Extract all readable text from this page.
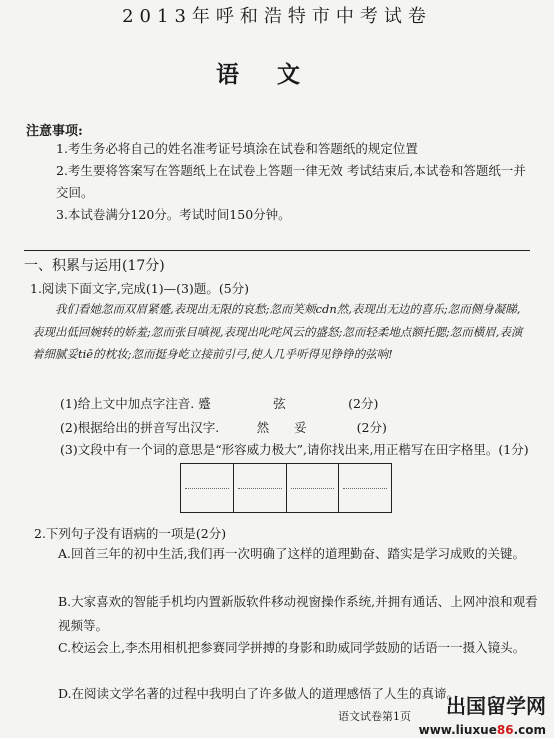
2013年呼和浩特市中考试卷
语文
注意事项:
1.考生务必将自己的姓名准考证号填涂在试卷和答题纸的规定位置
2.考生要将答案写在答题纸上在试卷上答题一律无效 考试结束后,本试卷和答题纸一并交回。
3.本试卷满分120分。考试时间150分钟。
一、积累与运用(17分)
1.阅读下面文字,完成(1)—(3)题。(5分)
我们看她忽而双眉紧蹙,表现出无限的哀愁;忽而笑颊cdn然,表现出无边的喜乐;忽而侧身凝睇,表现出低回婉转的娇羞;忽而张目嗔视,表现出叱咤风云的盛怒;忽而轻柔地点额托腮;忽而横眉,表演着细腻妥tiē的枕妆;忽而挺身屹立接前引弓,使人几乎听得见铮铮的弦响!
(1)给上文中加点字注音. 蹙　　　　　弦　　　　　(2分)
(2)根据给出的拼音写出汉字.　　　然　　妥　　　　(2分)
(3)文段中有一个词的意思是“形容威力极大”,请你找出来,用正楷写在田字格里。(1分)
2.下列句子没有语病的一项是(2分)
A.回首三年的初中生活,我们再一次明确了这样的道理勤奋、踏实是学习成败的关键。
B.大家喜欢的智能手机均内置新版软件移动视窗操作系统,并拥有通话、上网冲浪和观看视频等。
C.校运会上,李杰用相机把参赛同学拼搏的身影和助威同学鼓励的话语一一摄入镜头。
D.在阅读文学名著的过程中我明白了许多做人的道理感悟了人生的真谛。
语文试卷第1页	出国留学网
www.liuxue86.com
